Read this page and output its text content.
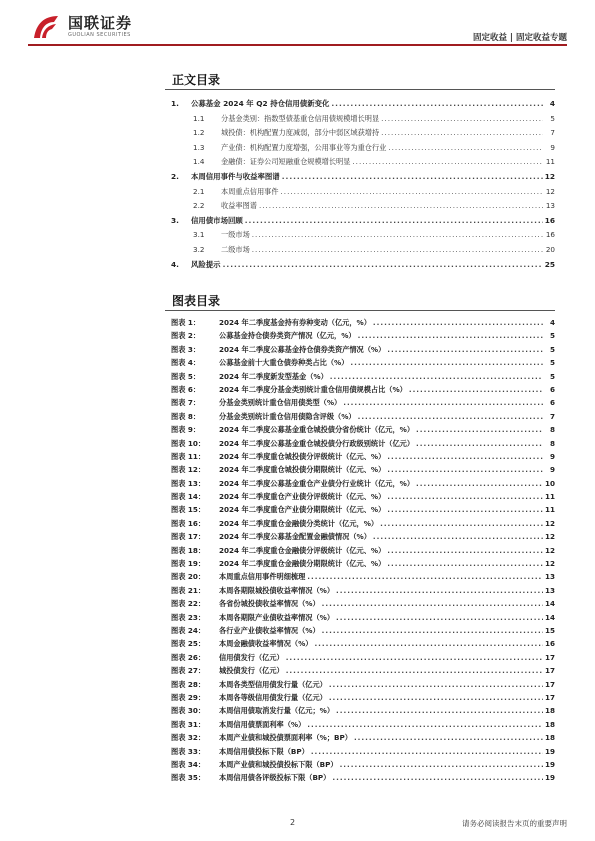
国联证券
GUOLIAN SECURITIES	固定收益 | 固定收益专题
正文目录
1.	公募基金 2024 年 Q2 持仓信用债新变化 .....	4
1.1	分基金类别：指数型债基重仓信用债规模增长明显 .....	5
1.2	城投债：机构配置力度减弱，部分中弱区域获增持 .....	7
1.3	产业债：机构配置力度增强，公用事业等为重仓行业 .....	9
1.4	金融债：证券公司短融重仓规模增长明显 .....	11
2.	本周信用事件与收益率图谱 .....	12
2.1	本周重点信用事件 .....	12
2.2	收益率图谱 .....	13
3.	信用债市场回顾 .....	16
3.1	一级市场 .....	16
3.2	二级市场 .....	20
4.	风险提示 .....	25
图表目录
图表 1：	2024 年二季度基金持有券种变动（亿元，%） .....	4
图表 2：	公募基金持仓债券类资产情况（亿元，%） .....	5
图表 3：	2024 年二季度公募基金持仓债券类资产情况（%） .....	5
图表 4：	公募基金前十大重仓债券种类占比（%） .....	5
图表 5：	2024 年二季度新发型基金（%） .....	5
图表 6：	2024 年二季度分基金类别统计重仓信用债规模占比（%） .....	6
图表 7：	分基金类别统计重仓信用债类型（%） .....	6
图表 8：	分基金类别统计重仓信用债隐含评级（%） .....	7
图表 9：	2024 年二季度公募基金重仓城投债分省份统计（亿元，%） .....	8
图表 10：	2024 年二季度公募基金重仓城投债分行政级别统计（亿元） .....	8
图表 11：	2024 年二季度重仓城投债分评级统计（亿元、%） .....	9
图表 12：	2024 年二季度重仓城投债分期限统计（亿元、%） .....	9
图表 13：	2024 年二季度公募基金重仓产业债分行业统计（亿元，%） .....	10
图表 14：	2024 年二季度重仓产业债分评级统计（亿元、%） .....	11
图表 15：	2024 年二季度重仓产业债分期限统计（亿元、%） .....	11
图表 16：	2024 年二季度重仓金融债分类统计（亿元，%） .....	12
图表 17：	2024 年二季度公募基金配置金融债情况（%） .....	12
图表 18：	2024 年二季度重仓金融债分评级统计（亿元、%） .....	12
图表 19：	2024 年二季度重仓金融债分期限统计（亿元、%） .....	12
图表 20：	本周重点信用事件明细梳理 .....	13
图表 21：	本周各期限城投债收益率情况（%） .....	13
图表 22：	各省份城投债收益率情况（%） .....	14
图表 23：	本周各期限产业债收益率情况（%） .....	14
图表 24：	各行业产业债收益率情况（%） .....	15
图表 25：	本周金融债收益率情况（%） .....	16
图表 26：	信用债发行（亿元） .....	17
图表 27：	城投债发行（亿元） .....	17
图表 28：	本周各类型信用债发行量（亿元） .....	17
图表 29：	本周各等级信用债发行量（亿元） .....	17
图表 30：	本周信用债取消发行量（亿元；%） .....	18
图表 31：	本周信用债票面利率（%） .....	18
图表 32：	本周产业债和城投债票面利率（%；BP） .....	18
图表 33：	本周信用债投标下限（BP） .....	19
图表 34：	本周产业债和城投债投标下限（BP） .....	19
图表 35：	本周信用债各评级投标下限（BP） .....	19
2	请务必阅读报告末页的重要声明
